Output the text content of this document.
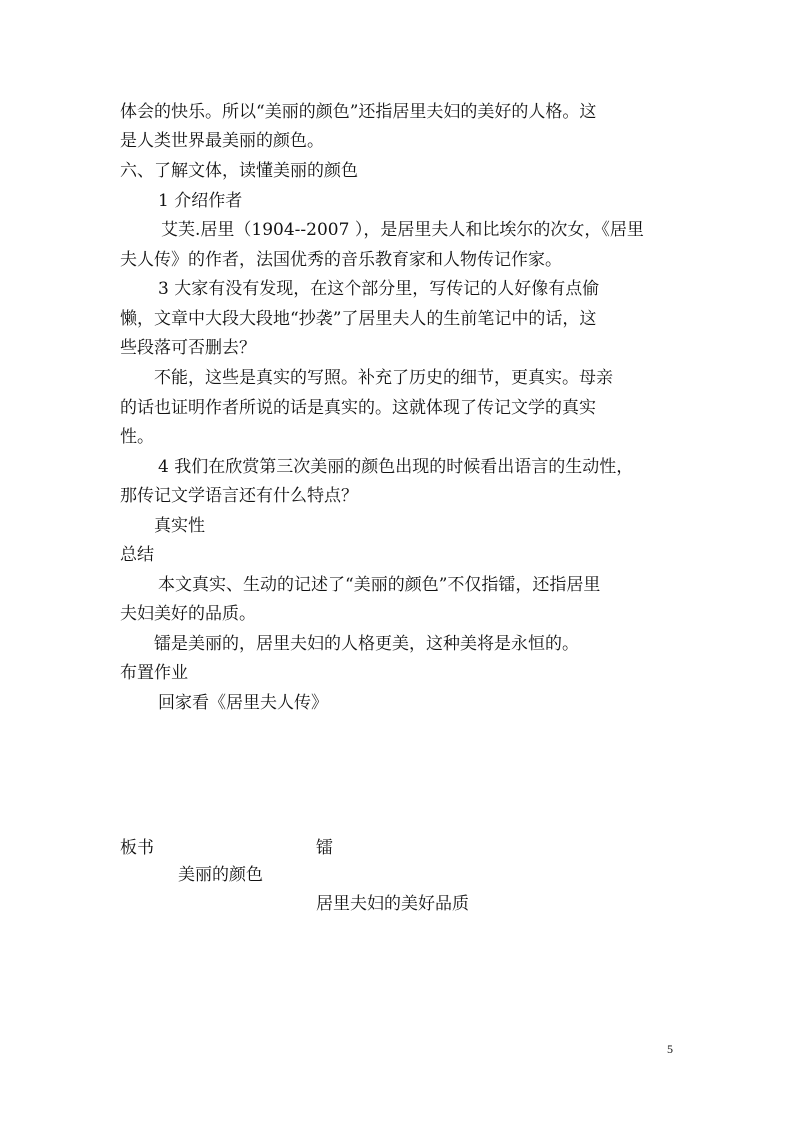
体会的快乐。所以“美丽的颜色”还指居里夫妇的美好的人格。这
是人类世界最美丽的颜色。
六、了解文体，读懂美丽的颜色
1 介绍作者
艾芙.居里（1904--2007 ），是居里夫人和比埃尔的次女，《居里
夫人传》的作者，法国优秀的音乐教育家和人物传记作家。
3 大家有没有发现，在这个部分里，写传记的人好像有点偷
懒，文章中大段大段地“抄袭”了居里夫人的生前笔记中的话，这
些段落可否删去？
不能，这些是真实的写照。补充了历史的细节，更真实。母亲
的话也证明作者所说的话是真实的。这就体现了传记文学的真实
性。
4 我们在欣赏第三次美丽的颜色出现的时候看出语言的生动性，
那传记文学语言还有什么特点？
真实性
总结
本文真实、生动的记述了“美丽的颜色”不仅指镭，还指居里
夫妇美好的品质。
镭是美丽的，居里夫妇的人格更美，这种美将是永恒的。
布置作业
回家看《居里夫人传》
板书	镭
美丽的颜色
居里夫妇的美好品质
5
